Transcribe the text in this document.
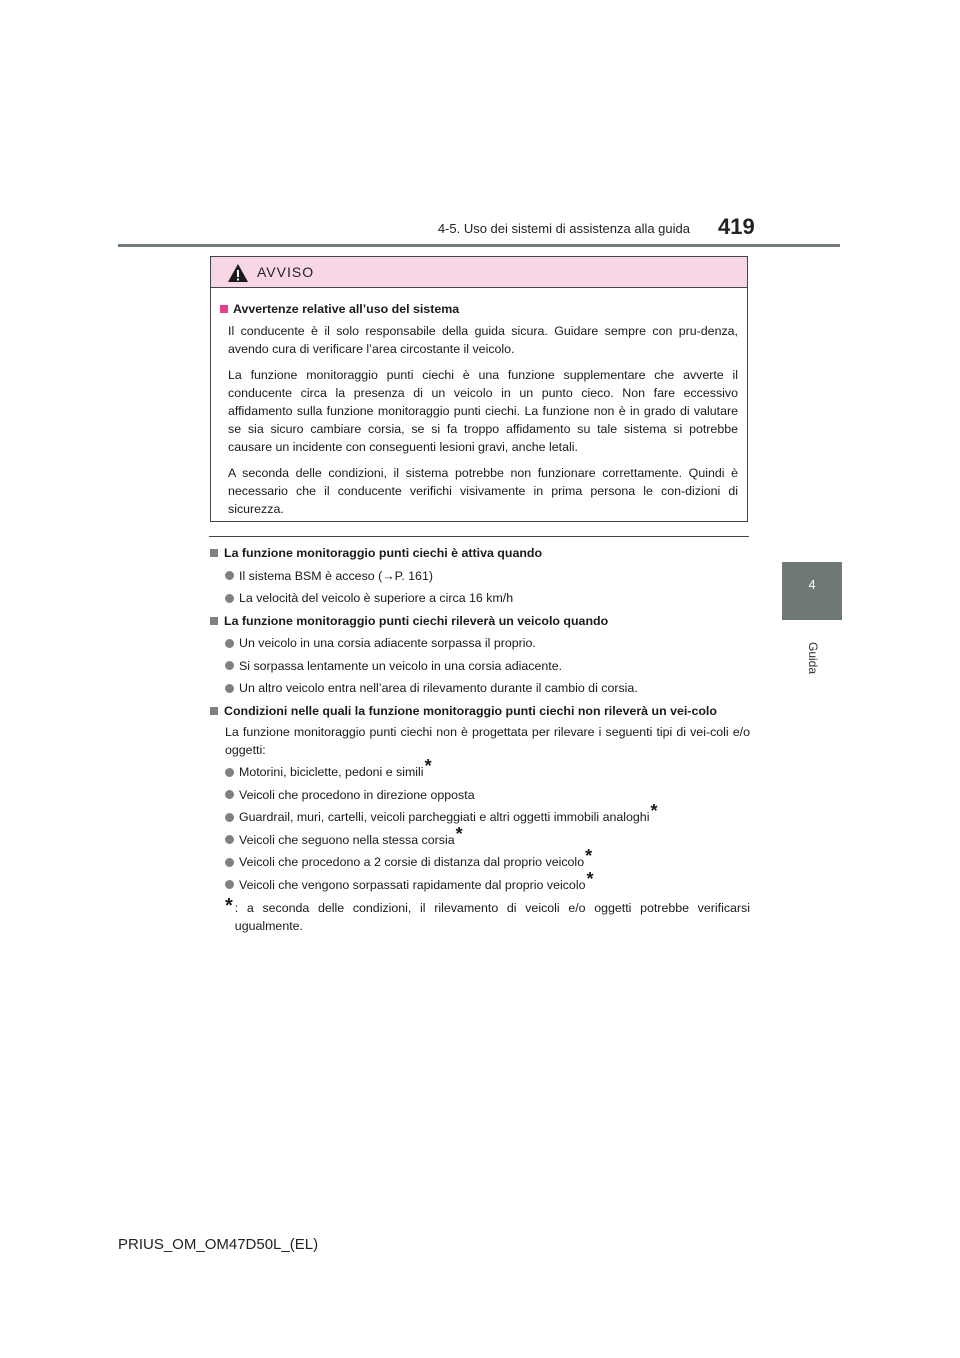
4-5. Uso dei sistemi di assistenza alla guida 419
4
Guida
AVVISO
Avvertenze relative all’uso del sistema
Il conducente è il solo responsabile della guida sicura. Guidare sempre con pru-denza, avendo cura di verificare l’area circostante il veicolo.
La funzione monitoraggio punti ciechi è una funzione supplementare che avverte il conducente circa la presenza di un veicolo in un punto cieco. Non fare eccessivo affidamento sulla funzione monitoraggio punti ciechi. La funzione non è in grado di valutare se sia sicuro cambiare corsia, se si fa troppo affidamento su tale sistema si potrebbe causare un incidente con conseguenti lesioni gravi, anche letali.
A seconda delle condizioni, il sistema potrebbe non funzionare correttamente. Quindi è necessario che il conducente verifichi visivamente in prima persona le con-dizioni di sicurezza.
La funzione monitoraggio punti ciechi è attiva quando
Il sistema BSM è acceso (→P. 161)
La velocità del veicolo è superiore a circa 16 km/h
La funzione monitoraggio punti ciechi rileverà un veicolo quando
Un veicolo in una corsia adiacente sorpassa il proprio.
Si sorpassa lentamente un veicolo in una corsia adiacente.
Un altro veicolo entra nell’area di rilevamento durante il cambio di corsia.
Condizioni nelle quali la funzione monitoraggio punti ciechi non rileverà un vei-colo
La funzione monitoraggio punti ciechi non è progettata per rilevare i seguenti tipi di vei-coli e/o oggetti:
Motorini, biciclette, pedoni e simili*
Veicoli che procedono in direzione opposta
Guardrail, muri, cartelli, veicoli parcheggiati e altri oggetti immobili analoghi*
Veicoli che seguono nella stessa corsia*
Veicoli che procedono a 2 corsie di distanza dal proprio veicolo*
Veicoli che vengono sorpassati rapidamente dal proprio veicolo*
* : a seconda delle condizioni, il rilevamento di veicoli e/o oggetti potrebbe verificarsi ugualmente.
PRIUS_OM_OM47D50L_(EL)
